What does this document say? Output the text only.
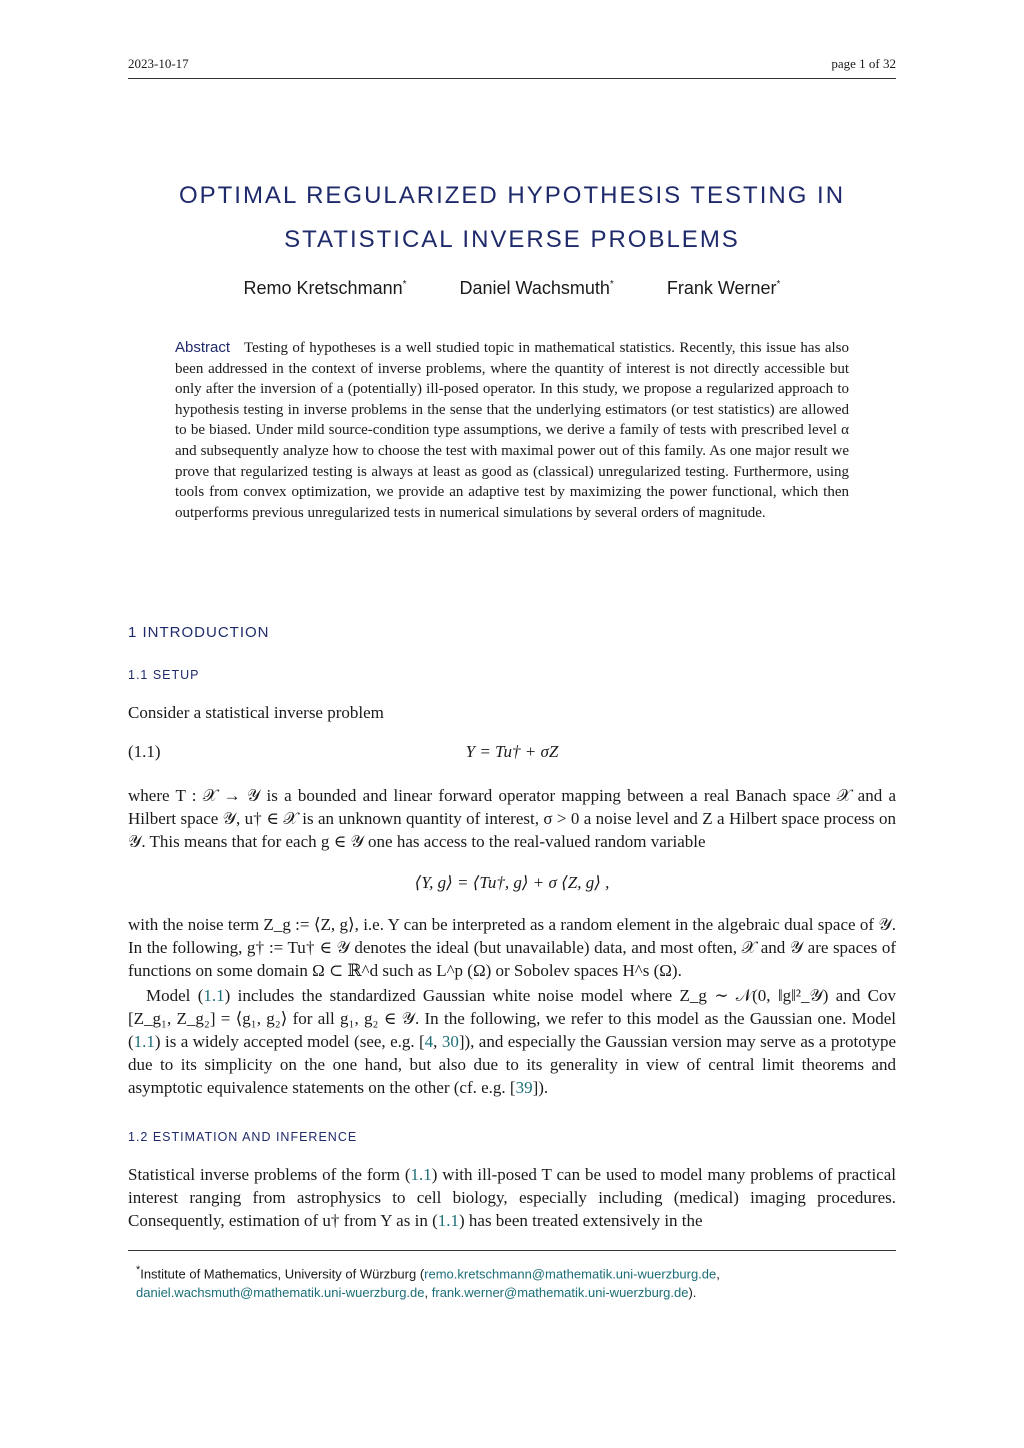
2023-10-17	page 1 of 32
OPTIMAL REGULARIZED HYPOTHESIS TESTING IN
STATISTICAL INVERSE PROBLEMS
Remo Kretschmann*	Daniel Wachsmuth*	Frank Werner*
Abstract Testing of hypotheses is a well studied topic in mathematical statistics. Recently, this issue has also been addressed in the context of inverse problems, where the quantity of interest is not directly accessible but only after the inversion of a (potentially) ill-posed operator. In this study, we propose a regularized approach to hypothesis testing in inverse problems in the sense that the underlying estimators (or test statistics) are allowed to be biased. Under mild source-condition type assumptions, we derive a family of tests with prescribed level α and subsequently analyze how to choose the test with maximal power out of this family. As one major result we prove that regularized testing is always at least as good as (classical) unregularized testing. Furthermore, using tools from convex optimization, we provide an adaptive test by maximizing the power functional, which then outperforms previous unregularized tests in numerical simulations by several orders of magnitude.
1 INTRODUCTION
1.1 SETUP
Consider a statistical inverse problem
(1.1)	Y = Tu† + σZ
where T : 𝒳 → 𝒴 is a bounded and linear forward operator mapping between a real Banach space 𝒳 and a Hilbert space 𝒴, u† ∈ 𝒳 is an unknown quantity of interest, σ > 0 a noise level and Z a Hilbert space process on 𝒴. This means that for each g ∈ 𝒴 one has access to the real-valued random variable
⟨Y, g⟩ = ⟨Tu†, g⟩ + σ ⟨Z, g⟩ ,
with the noise term Z_g := ⟨Z, g⟩, i.e. Y can be interpreted as a random element in the algebraic dual space of 𝒴. In the following, g† := Tu† ∈ 𝒴 denotes the ideal (but unavailable) data, and most often, 𝒳 and 𝒴 are spaces of functions on some domain Ω ⊂ ℝ^d such as L^p (Ω) or Sobolev spaces H^s (Ω).
Model (1.1) includes the standardized Gaussian white noise model where Z_g ∼ 𝒩(0, ‖g‖²_𝒴) and Cov [Z_g₁, Z_g₂] = ⟨g₁, g₂⟩ for all g₁, g₂ ∈ 𝒴. In the following, we refer to this model as the Gaussian one. Model (1.1) is a widely accepted model (see, e.g. [4, 30]), and especially the Gaussian version may serve as a prototype due to its simplicity on the one hand, but also due to its generality in view of central limit theorems and asymptotic equivalence statements on the other (cf. e.g. [39]).
1.2 ESTIMATION AND INFERENCE
Statistical inverse problems of the form (1.1) with ill-posed T can be used to model many problems of practical interest ranging from astrophysics to cell biology, especially including (medical) imaging procedures. Consequently, estimation of u† from Y as in (1.1) has been treated extensively in the
*Institute of Mathematics, University of Würzburg (remo.kretschmann@mathematik.uni-wuerzburg.de, daniel.wachsmuth@mathematik.uni-wuerzburg.de, frank.werner@mathematik.uni-wuerzburg.de).
